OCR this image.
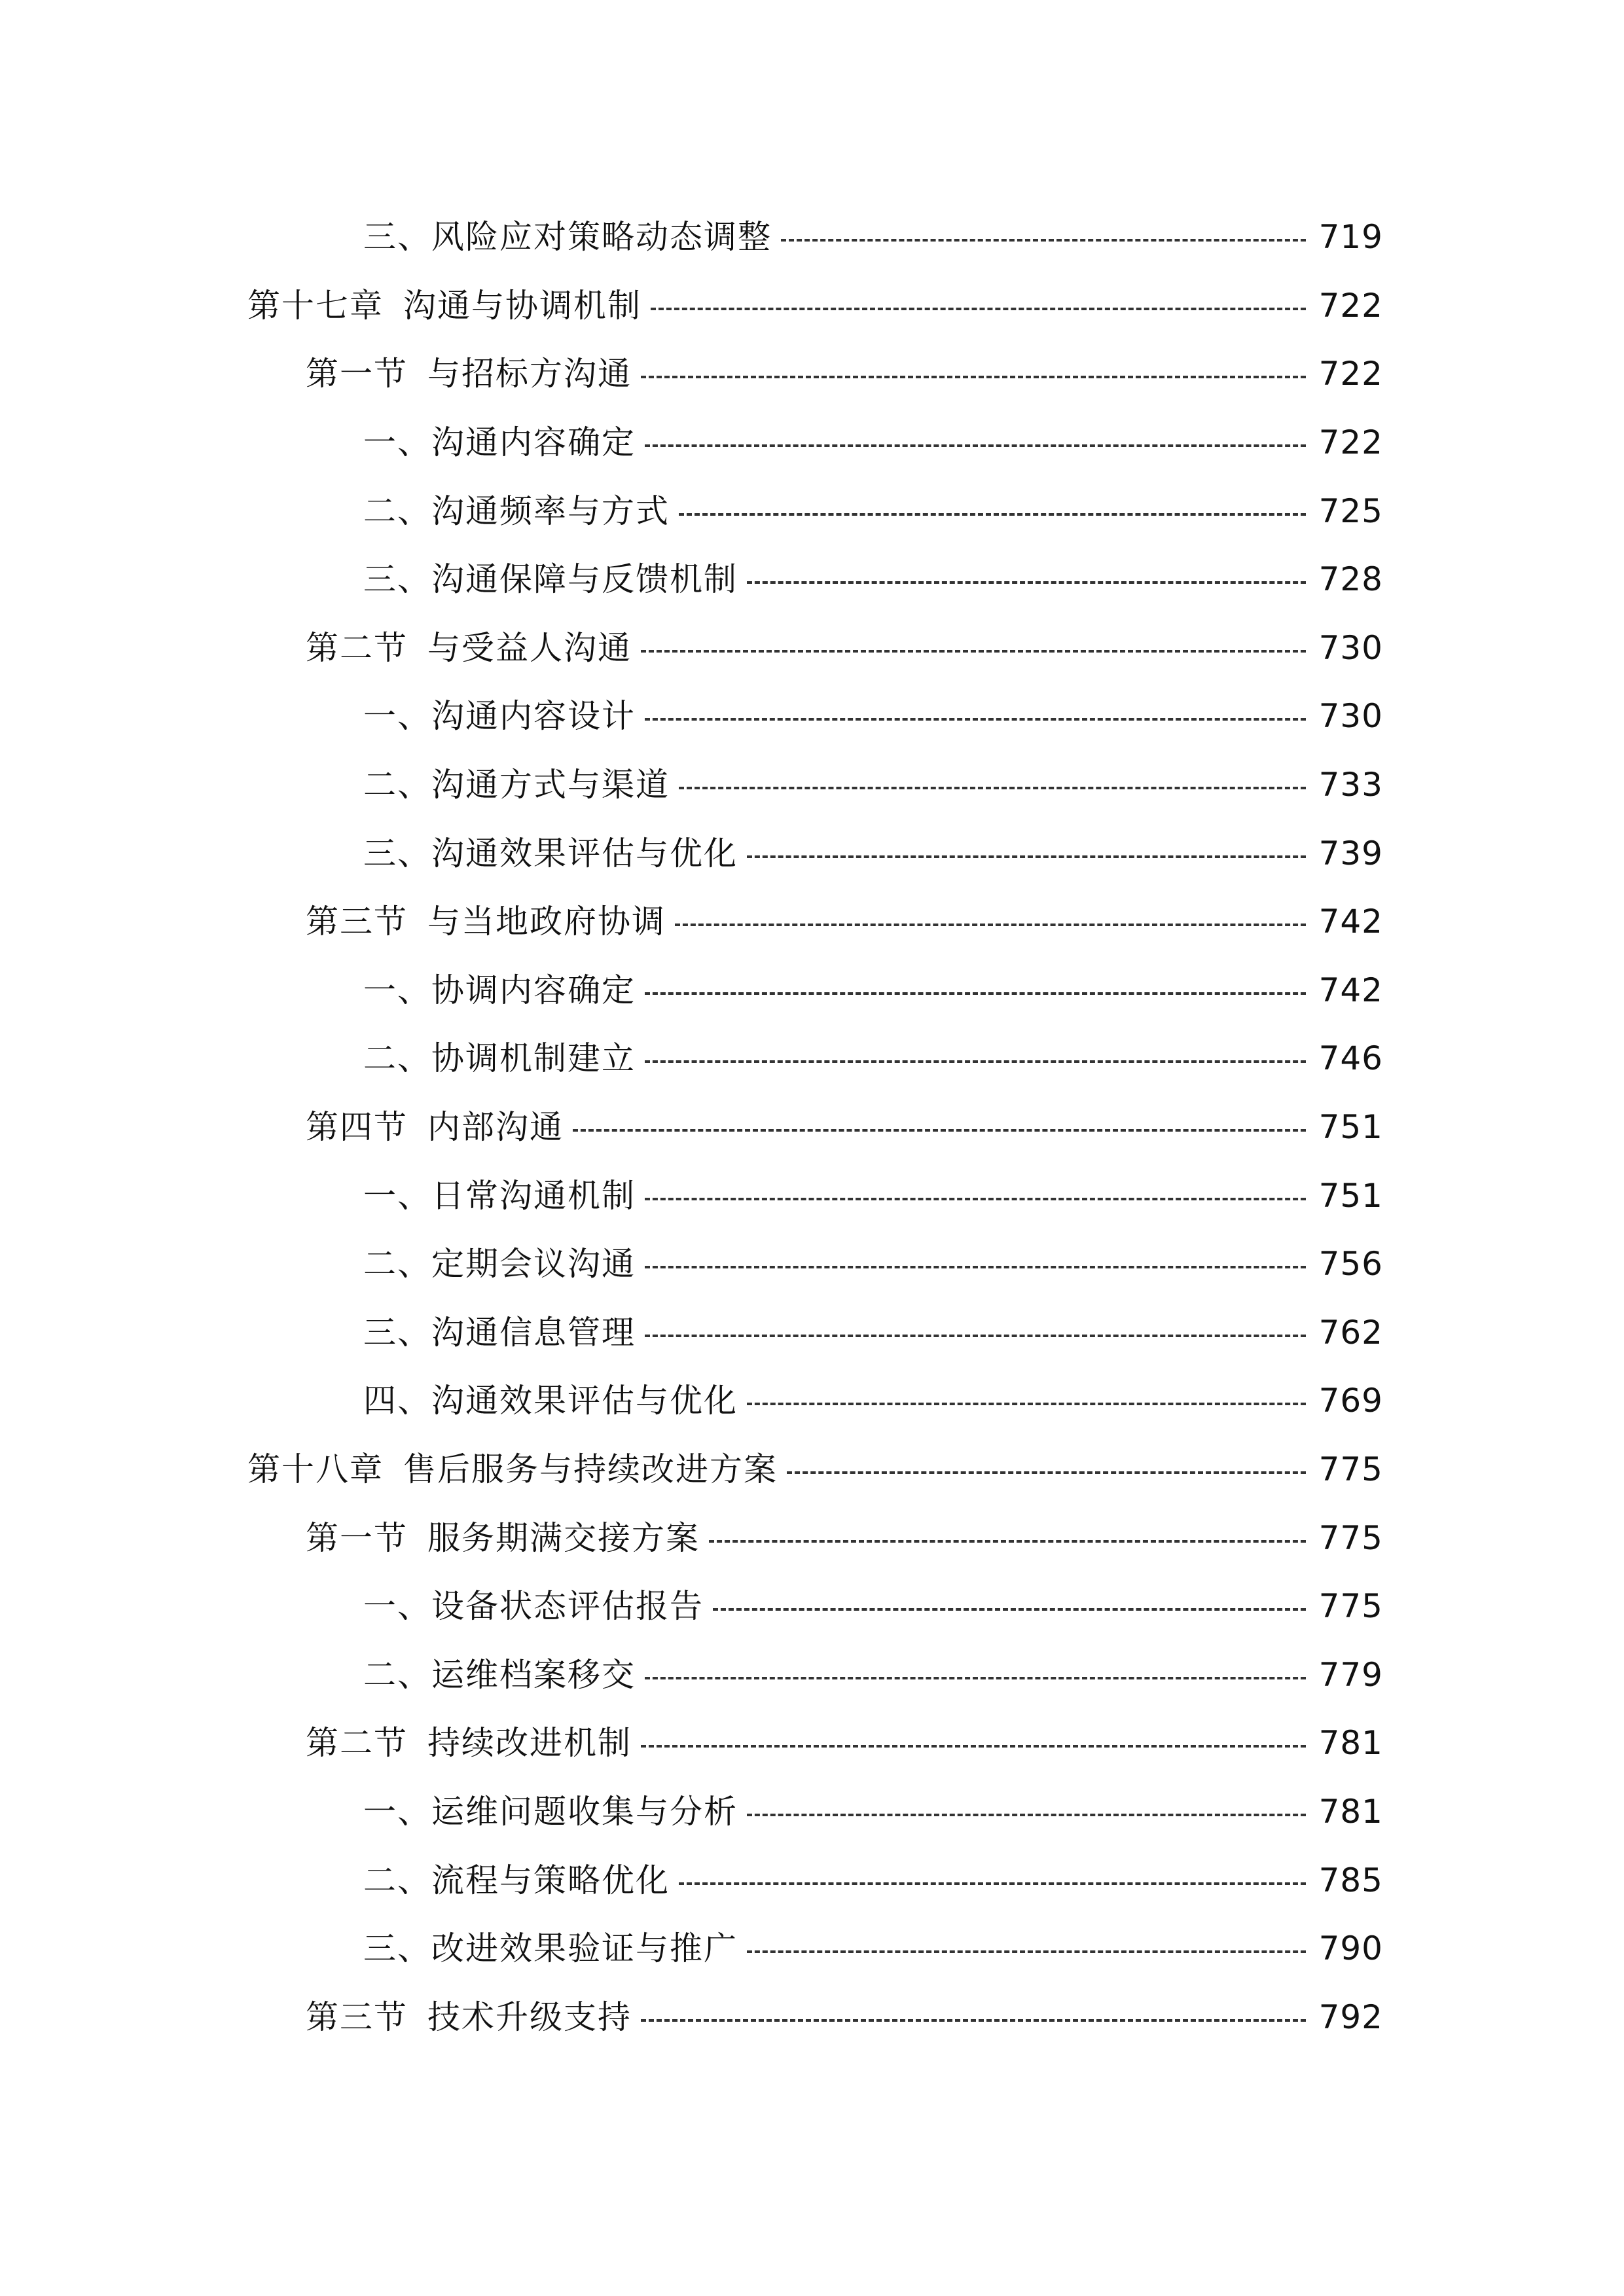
三、风险应对策略动态调整	719
第十七章 沟通与协调机制	722
第一节 与招标方沟通	722
一、沟通内容确定	722
二、沟通频率与方式	725
三、沟通保障与反馈机制	728
第二节 与受益人沟通	730
一、沟通内容设计	730
二、沟通方式与渠道	733
三、沟通效果评估与优化	739
第三节 与当地政府协调	742
一、协调内容确定	742
二、协调机制建立	746
第四节 内部沟通	751
一、日常沟通机制	751
二、定期会议沟通	756
三、沟通信息管理	762
四、沟通效果评估与优化	769
第十八章 售后服务与持续改进方案	775
第一节 服务期满交接方案	775
一、设备状态评估报告	775
二、运维档案移交	779
第二节 持续改进机制	781
一、运维问题收集与分析	781
二、流程与策略优化	785
三、改进效果验证与推广	790
第三节 技术升级支持	792
